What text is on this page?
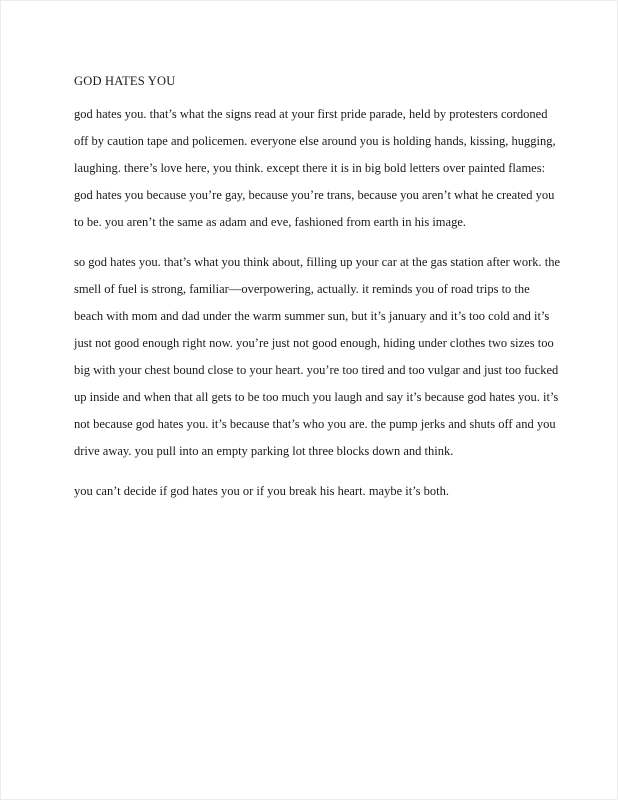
GOD HATES YOU
god hates you. that’s what the signs read at your first pride parade, held by protesters cordoned
off by caution tape and policemen. everyone else around you is holding hands, kissing, hugging,
laughing. there’s love here, you think. except there it is in big bold letters over painted flames:
god hates you because you’re gay, because you’re trans, because you aren’t what he created you
to be. you aren’t the same as adam and eve, fashioned from earth in his image.
so god hates you. that’s what you think about, filling up your car at the gas station after work. the
smell of fuel is strong, familiar—overpowering, actually. it reminds you of road trips to the
beach with mom and dad under the warm summer sun, but it’s january and it’s too cold and it’s
just not good enough right now. you’re just not good enough, hiding under clothes two sizes too
big with your chest bound close to your heart. you’re too tired and too vulgar and just too fucked
up inside and when that all gets to be too much you laugh and say it’s because god hates you. it’s
not because god hates you. it’s because that’s who you are. the pump jerks and shuts off and you
drive away. you pull into an empty parking lot three blocks down and think.
you can’t decide if god hates you or if you break his heart. maybe it’s both.
